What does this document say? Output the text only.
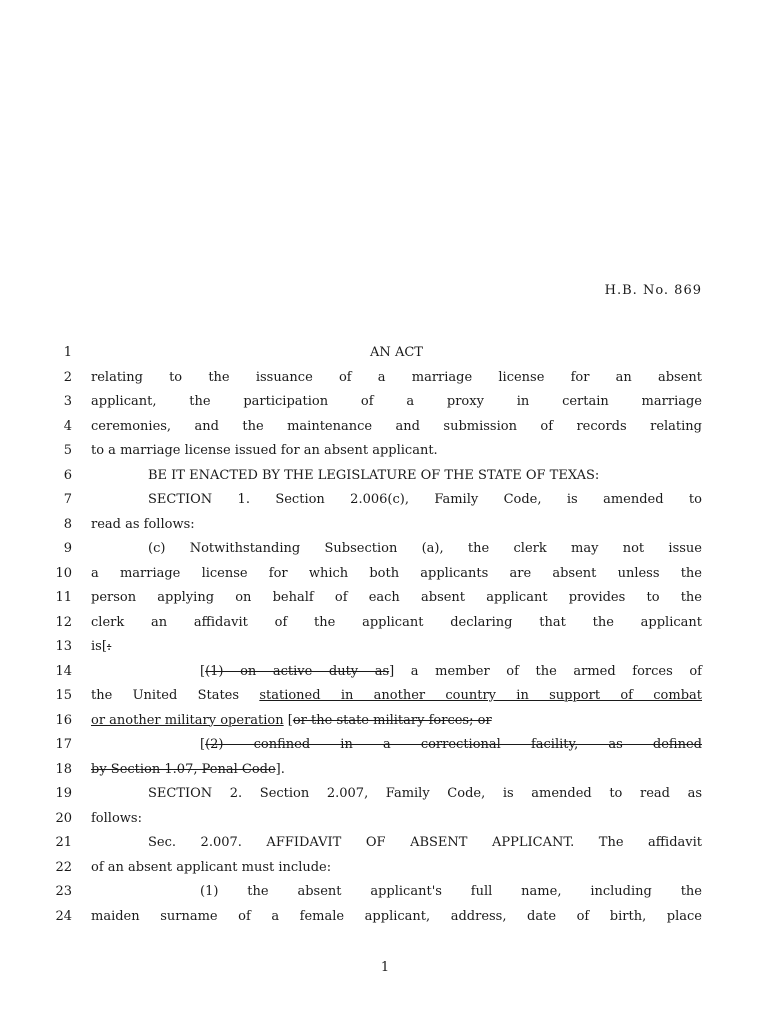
H.B. No. 869
1	AN ACT
2 relating to the issuance of a marriage license for an absent
3 applicant, the participation of a proxy in certain marriage
4 ceremonies, and the maintenance and submission of records relating
5 to a marriage license issued for an absent applicant.
6	BE IT ENACTED BY THE LEGISLATURE OF THE STATE OF TEXAS:
7	SECTION 1. Section 2.006(c), Family Code, is amended to
8 read as follows:
9	(c) Notwithstanding Subsection (a), the clerk may not issue
10 a marriage license for which both applicants are absent unless the
11 person applying on behalf of each absent applicant provides to the
12 clerk an affidavit of the applicant declaring that the applicant
13 is[:
14	[(1) on active duty as] a member of the armed forces of
15 the United States stationed in another country in support of combat
16 or another military operation [or the state military forces; or
17	[(2) confined in a correctional facility, as defined
18 by Section 1.07, Penal Code].
19	SECTION 2. Section 2.007, Family Code, is amended to read as
20 follows:
21	Sec. 2.007. AFFIDAVIT OF ABSENT APPLICANT. The affidavit
22 of an absent applicant must include:
23	(1) the absent applicant's full name, including the
24 maiden surname of a female applicant, address, date of birth, place
1
